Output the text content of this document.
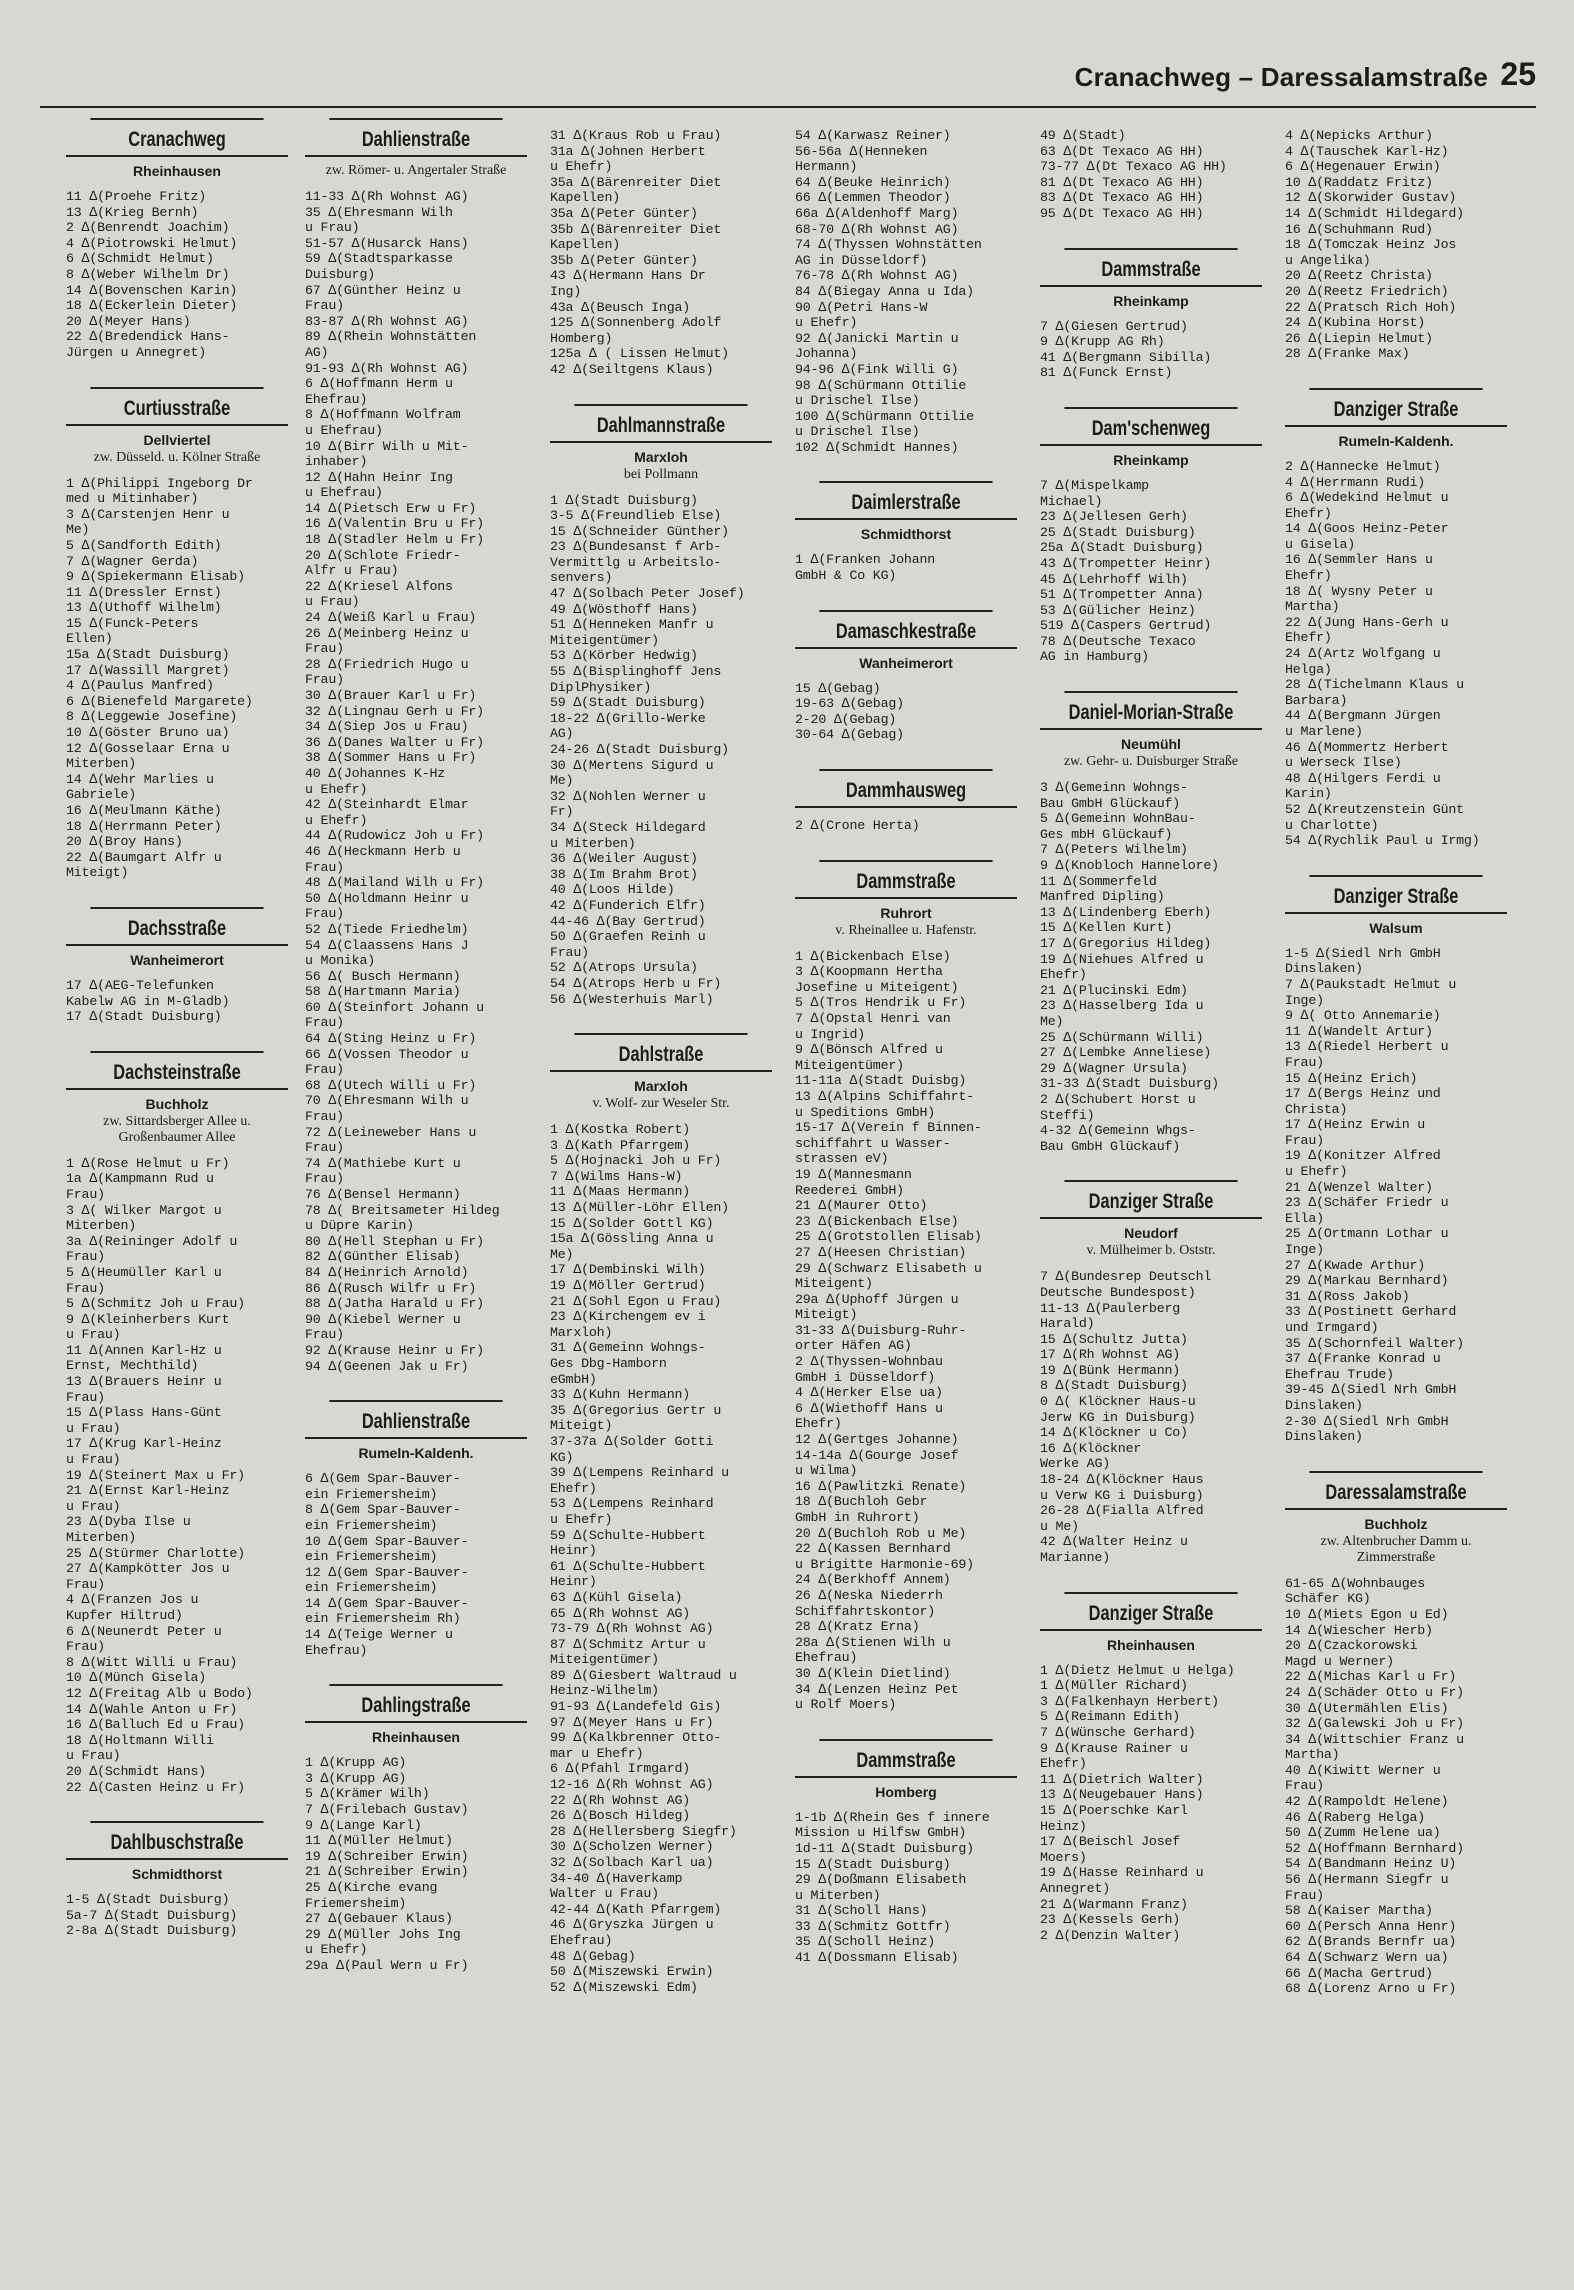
Cranachweg – Daressalamstraße 25
Cranachweg
Rheinhausen
11 ∆(Proehe Fritz)
13 ∆(Krieg Bernh)
2 ∆(Benrendt Joachim)
4 ∆(Piotrowski Helmut)
6 ∆(Schmidt Helmut)
8 ∆(Weber Wilhelm Dr)
14 ∆(Bovenschen Karin)
18 ∆(Eckerlein Dieter)
20 ∆(Meyer Hans)
22 ∆(Bredendick Hans-
Jürgen u Annegret)
Curtiusstraße
Dellviertel
zw. Düsseld. u. Kölner Straße
1 ∆(Philippi Ingeborg Dr
med u Mitinhaber)
3 ∆(Carstenjen Henr u
Me)
5 ∆(Sandforth Edith)
7 ∆(Wagner Gerda)
9 ∆(Spiekermann Elisab)
11 ∆(Dressler Ernst)
13 ∆(Uthoff Wilhelm)
15 ∆(Funck-Peters
Ellen)
15a ∆(Stadt Duisburg)
17 ∆(Wassill Margret)
4 ∆(Paulus Manfred)
6 ∆(Bienefeld Margarete)
8 ∆(Leggewie Josefine)
10 ∆(Göster Bruno ua)
12 ∆(Gosselaar Erna u
Miterben)
14 ∆(Wehr Marlies u
Gabriele)
16 ∆(Meulmann Käthe)
18 ∆(Herrmann Peter)
20 ∆(Broy Hans)
22 ∆(Baumgart Alfr u
Miteigt)
Dachsstraße
Wanheimerort
17 ∆(AEG-Telefunken
Kabelw AG in M-Gladb)
17 ∆(Stadt Duisburg)
Dachsteinstraße
Buchholz
zw. Sittardsberger Allee u. Großenbaumer Allee
1 ∆(Rose Helmut u Fr)
1a ∆(Kampmann Rud u
Frau)
3 ∆( Wilker Margot u
Miterben)
3a ∆(Reininger Adolf u
Frau)
5 ∆(Heumüller Karl u
Frau)
5 ∆(Schmitz Joh u Frau)
9 ∆(Kleinherbers Kurt
u Frau)
11 ∆(Annen Karl-Hz u
Ernst, Mechthild)
13 ∆(Brauers Heinr u
Frau)
15 ∆(Plass Hans-Günt
u Frau)
17 ∆(Krug Karl-Heinz
u Frau)
19 ∆(Steinert Max u Fr)
21 ∆(Ernst Karl-Heinz
u Frau)
23 ∆(Dyba Ilse u
Miterben)
25 ∆(Stürmer Charlotte)
27 ∆(Kampkötter Jos u
Frau)
4 ∆(Franzen Jos u
Kupfer Hiltrud)
6 ∆(Neunerdt Peter u
Frau)
8 ∆(Witt Willi u Frau)
10 ∆(Münch Gisela)
12 ∆(Freitag Alb u Bodo)
14 ∆(Wahle Anton u Fr)
16 ∆(Balluch Ed u Frau)
18 ∆(Holtmann Willi
u Frau)
20 ∆(Schmidt Hans)
22 ∆(Casten Heinz u Fr)
Dahlbuschstraße
Schmidthorst
1-5 ∆(Stadt Duisburg)
5a-7 ∆(Stadt Duisburg)
2-8a ∆(Stadt Duisburg)
Dahlienstraße
zw. Römer- u. Angertaler Straße
11-33 ∆(Rh Wohnst AG)
35 ∆(Ehresmann Wilh
u Frau)
51-57 ∆(Husarck Hans)
59 ∆(Stadtsparkasse
Duisburg)
67 ∆(Günther Heinz u
Frau)
83-87 ∆(Rh Wohnst AG)
89 ∆(Rhein Wohnstätten
AG)
91-93 ∆(Rh Wohnst AG)
6 ∆(Hoffmann Herm u
Ehefrau)
8 ∆(Hoffmann Wolfram
u Ehefrau)
10 ∆(Birr Wilh u Mit-
inhaber)
12 ∆(Hahn Heinr Ing
u Ehefrau)
14 ∆(Pietsch Erw u Fr)
16 ∆(Valentin Bru u Fr)
18 ∆(Stadler Helm u Fr)
20 ∆(Schlote Friedr-
Alfr u Frau)
22 ∆(Kriesel Alfons
u Frau)
24 ∆(Weiß Karl u Frau)
26 ∆(Meinberg Heinz u
Frau)
28 ∆(Friedrich Hugo u
Frau)
30 ∆(Brauer Karl u Fr)
32 ∆(Lingnau Gerh u Fr)
34 ∆(Siep Jos u Frau)
36 ∆(Danes Walter u Fr)
38 ∆(Sommer Hans u Fr)
40 ∆(Johannes K-Hz
u Ehefr)
42 ∆(Steinhardt Elmar
u Ehefr)
44 ∆(Rudowicz Joh u Fr)
46 ∆(Heckmann Herb u
Frau)
48 ∆(Mailand Wilh u Fr)
50 ∆(Holdmann Heinr u
Frau)
52 ∆(Tiede Friedhelm)
54 ∆(Claassens Hans J
u Monika)
56 ∆( Busch Hermann)
58 ∆(Hartmann Maria)
60 ∆(Steinfort Johann u
Frau)
64 ∆(Sting Heinz u Fr)
66 ∆(Vossen Theodor u
Frau)
68 ∆(Utech Willi u Fr)
70 ∆(Ehresmann Wilh u
Frau)
72 ∆(Leineweber Hans u
Frau)
74 ∆(Mathiebe Kurt u
Frau)
76 ∆(Bensel Hermann)
78 ∆( Breitsameter Hildeg
u Düpre Karin)
80 ∆(Hell Stephan u Fr)
82 ∆(Günther Elisab)
84 ∆(Heinrich Arnold)
86 ∆(Rusch Wilfr u Fr)
88 ∆(Jatha Harald u Fr)
90 ∆(Kiebel Werner u
Frau)
92 ∆(Krause Heinr u Fr)
94 ∆(Geenen Jak u Fr)
Dahlienstraße
Rumeln-Kaldenh.
6 ∆(Gem Spar-Bauver-
ein Friemersheim)
8 ∆(Gem Spar-Bauver-
ein Friemersheim)
10 ∆(Gem Spar-Bauver-
ein Friemersheim)
12 ∆(Gem Spar-Bauver-
ein Friemersheim)
14 ∆(Gem Spar-Bauver-
ein Friemersheim Rh)
14 ∆(Teige Werner u
Ehefrau)
Dahlingstraße
Rheinhausen
1 ∆(Krupp AG)
3 ∆(Krupp AG)
5 ∆(Krämer Wilh)
7 ∆(Frilebach Gustav)
9 ∆(Lange Karl)
11 ∆(Müller Helmut)
19 ∆(Schreiber Erwin)
21 ∆(Schreiber Erwin)
25 ∆(Kirche evang
Friemersheim)
27 ∆(Gebauer Klaus)
29 ∆(Müller Johs Ing
u Ehefr)
29a ∆(Paul Wern u Fr)
31 ∆(Kraus Rob u Frau)
31a ∆(Johnen Herbert
u Ehefr)
35a ∆(Bärenreiter Diet
Kapellen)
35a ∆(Peter Günter)
35b ∆(Bärenreiter Diet
Kapellen)
35b ∆(Peter Günter)
43 ∆(Hermann Hans Dr
Ing)
43a ∆(Beusch Inga)
125 ∆(Sonnenberg Adolf
Homberg)
125a ∆ ( Lissen Helmut)
42 ∆(Seiltgens Klaus)
Dahlmannstraße
Marxloh
bei Pollmann
1 ∆(Stadt Duisburg)
3-5 ∆(Freundlieb Else)
15 ∆(Schneider Günther)
23 ∆(Bundesanst f Arb-
Vermittlg u Arbeitslo-
senvers)
47 ∆(Solbach Peter Josef)
49 ∆(Wösthoff Hans)
51 ∆(Henneken Manfr u
Miteigentümer)
53 ∆(Körber Hedwig)
55 ∆(Bisplinghoff Jens
DiplPhysiker)
59 ∆(Stadt Duisburg)
18-22 ∆(Grillo-Werke
AG)
24-26 ∆(Stadt Duisburg)
30 ∆(Mertens Sigurd u
Me)
32 ∆(Nohlen Werner u
Fr)
34 ∆(Steck Hildegard
u Miterben)
36 ∆(Weiler August)
38 ∆(Im Brahm Brot)
40 ∆(Loos Hilde)
42 ∆(Funderich Elfr)
44-46 ∆(Bay Gertrud)
50 ∆(Graefen Reinh u
Frau)
52 ∆(Atrops Ursula)
54 ∆(Atrops Herb u Fr)
56 ∆(Westerhuis Marl)
Dahlstraße
Marxloh
v. Wolf- zur Weseler Str.
1 ∆(Kostka Robert)
3 ∆(Kath Pfarrgem)
5 ∆(Hojnacki Joh u Fr)
7 ∆(Wilms Hans-W)
11 ∆(Maas Hermann)
13 ∆(Müller-Löhr Ellen)
15 ∆(Solder Gottl KG)
15a ∆(Gössling Anna u
Me)
17 ∆(Dembinski Wilh)
19 ∆(Möller Gertrud)
21 ∆(Sohl Egon u Frau)
23 ∆(Kirchengem ev i
Marxloh)
31 ∆(Gemeinn Wohngs-
Ges Dbg-Hamborn
eGmbH)
33 ∆(Kuhn Hermann)
35 ∆(Gregorius Gertr u
Miteigt)
37-37a ∆(Solder Gotti
KG)
39 ∆(Lempens Reinhard u
Ehefr)
53 ∆(Lempens Reinhard
u Ehefr)
59 ∆(Schulte-Hubbert
Heinr)
61 ∆(Schulte-Hubbert
Heinr)
63 ∆(Kühl Gisela)
65 ∆(Rh Wohnst AG)
73-79 ∆(Rh Wohnst AG)
87 ∆(Schmitz Artur u
Miteigentümer)
89 ∆(Giesbert Waltraud u
Heinz-Wilhelm)
91-93 ∆(Landefeld Gis)
97 ∆(Meyer Hans u Fr)
99 ∆(Kalkbrenner Otto-
mar u Ehefr)
6 ∆(Pfahl Irmgard)
12-16 ∆(Rh Wohnst AG)
22 ∆(Rh Wohnst AG)
26 ∆(Bosch Hildeg)
28 ∆(Hellersberg Siegfr)
30 ∆(Scholzen Werner)
32 ∆(Solbach Karl ua)
34-40 ∆(Haverkamp
Walter u Frau)
42-44 ∆(Kath Pfarrgem)
46 ∆(Gryszka Jürgen u
Ehefrau)
48 ∆(Gebag)
50 ∆(Miszewski Erwin)
52 ∆(Miszewski Edm)
54 ∆(Karwasz Reiner)
56-56a ∆(Henneken
Hermann)
64 ∆(Beuke Heinrich)
66 ∆(Lemmen Theodor)
66a ∆(Aldenhoff Marg)
68-70 ∆(Rh Wohnst AG)
74 ∆(Thyssen Wohnstätten
AG in Düsseldorf)
76-78 ∆(Rh Wohnst AG)
84 ∆(Biegay Anna u Ida)
90 ∆(Petri Hans-W
u Ehefr)
92 ∆(Janicki Martin u
Johanna)
94-96 ∆(Fink Willi G)
98 ∆(Schürmann Ottilie
u Drischel Ilse)
100 ∆(Schürmann Ottilie
u Drischel Ilse)
102 ∆(Schmidt Hannes)
Daimlerstraße
Schmidthorst
1 ∆(Franken Johann
GmbH & Co KG)
Damaschkestraße
Wanheimerort
15 ∆(Gebag)
19-63 ∆(Gebag)
2-20 ∆(Gebag)
30-64 ∆(Gebag)
Dammhausweg
2 ∆(Crone Herta)
Dammstraße
Ruhrort
v. Rheinallee u. Hafenstr.
1 ∆(Bickenbach Else)
3 ∆(Koopmann Hertha
Josefine u Miteigent)
5 ∆(Tros Hendrik u Fr)
7 ∆(Opstal Henri van
u Ingrid)
9 ∆(Bönsch Alfred u
Miteigentümer)
11-11a ∆(Stadt Duisbg)
13 ∆(Alpins Schiffahrt-
u Speditions GmbH)
15-17 ∆(Verein f Binnen-
schiffahrt u Wasser-
strassen eV)
19 ∆(Mannesmann
Reederei GmbH)
21 ∆(Maurer Otto)
23 ∆(Bickenbach Else)
25 ∆(Grotstollen Elisab)
27 ∆(Heesen Christian)
29 ∆(Schwarz Elisabeth u
Miteigent)
29a ∆(Uphoff Jürgen u
Miteigt)
31-33 ∆(Duisburg-Ruhr-
orter Häfen AG)
2 ∆(Thyssen-Wohnbau
GmbH i Düsseldorf)
4 ∆(Herker Else ua)
6 ∆(Wiethoff Hans u
Ehefr)
12 ∆(Gertges Johanne)
14-14a ∆(Gourge Josef
u Wilma)
16 ∆(Pawlitzki Renate)
18 ∆(Buchloh Gebr
GmbH in Ruhrort)
20 ∆(Buchloh Rob u Me)
22 ∆(Kassen Bernhard
u Brigitte Harmonie-69)
24 ∆(Berkhoff Annem)
26 ∆(Neska Niederrh
Schiffahrtskontor)
28 ∆(Kratz Erna)
28a ∆(Stienen Wilh u
Ehefrau)
30 ∆(Klein Dietlind)
34 ∆(Lenzen Heinz Pet
u Rolf Moers)
Dammstraße
Homberg
1-1b ∆(Rhein Ges f innere
Mission u Hilfsw GmbH)
1d-11 ∆(Stadt Duisburg)
15 ∆(Stadt Duisburg)
29 ∆(Doßmann Elisabeth
u Miterben)
31 ∆(Scholl Hans)
33 ∆(Schmitz Gottfr)
35 ∆(Scholl Heinz)
41 ∆(Dossmann Elisab)
49 ∆(Stadt)
63 ∆(Dt Texaco AG HH)
73-77 ∆(Dt Texaco AG HH)
81 ∆(Dt Texaco AG HH)
83 ∆(Dt Texaco AG HH)
95 ∆(Dt Texaco AG HH)
Dammstraße
Rheinkamp
7 ∆(Giesen Gertrud)
9 ∆(Krupp AG Rh)
41 ∆(Bergmann Sibilla)
81 ∆(Funck Ernst)
Dam'schenweg
Rheinkamp
7 ∆(Mispelkamp
Michael)
23 ∆(Jellesen Gerh)
25 ∆(Stadt Duisburg)
25a ∆(Stadt Duisburg)
43 ∆(Trompetter Heinr)
45 ∆(Lehrhoff Wilh)
51 ∆(Trompetter Anna)
53 ∆(Gülicher Heinz)
519 ∆(Caspers Gertrud)
78 ∆(Deutsche Texaco
AG in Hamburg)
Daniel-Morian-Straße
Neumühl
zw. Gehr- u. Duisburger Straße
3 ∆(Gemeinn Wohngs-
Bau GmbH Glückauf)
5 ∆(Gemeinn WohnBau-
Ges mbH Glückauf)
7 ∆(Peters Wilhelm)
9 ∆(Knobloch Hannelore)
11 ∆(Sommerfeld
Manfred Dipling)
13 ∆(Lindenberg Eberh)
15 ∆(Kellen Kurt)
17 ∆(Gregorius Hildeg)
19 ∆(Niehues Alfred u
Ehefr)
21 ∆(Plucinski Edm)
23 ∆(Hasselberg Ida u
Me)
25 ∆(Schürmann Willi)
27 ∆(Lembke Anneliese)
29 ∆(Wagner Ursula)
31-33 ∆(Stadt Duisburg)
2 ∆(Schubert Horst u
Steffi)
4-32 ∆(Gemeinn Whgs-
Bau GmbH Glückauf)
Danziger Straße
Neudorf
v. Mülheimer b. Oststr.
7 ∆(Bundesrep Deutschl
Deutsche Bundespost)
11-13 ∆(Paulerberg
Harald)
15 ∆(Schultz Jutta)
17 ∆(Rh Wohnst AG)
19 ∆(Bünk Hermann)
8 ∆(Stadt Duisburg)
0 ∆( Klöckner Haus-u
Jerw KG in Duisburg)
14 ∆(Klöckner u Co)
16 ∆(Klöckner
Werke AG)
18-24 ∆(Klöckner Haus
u Verw KG i Duisburg)
26-28 ∆(Fialla Alfred
u Me)
42 ∆(Walter Heinz u
Marianne)
Danziger Straße
Rheinhausen
1 ∆(Dietz Helmut u Helga)
1 ∆(Müller Richard)
3 ∆(Falkenhayn Herbert)
5 ∆(Reimann Edith)
7 ∆(Wünsche Gerhard)
9 ∆(Krause Rainer u
Ehefr)
11 ∆(Dietrich Walter)
13 ∆(Neugebauer Hans)
15 ∆(Poerschke Karl
Heinz)
17 ∆(Beischl Josef
Moers)
19 ∆(Hasse Reinhard u
Annegret)
21 ∆(Warmann Franz)
23 ∆(Kessels Gerh)
2 ∆(Denzin Walter)
4 ∆(Nepicks Arthur)
4 ∆(Tauschek Karl-Hz)
6 ∆(Hegenauer Erwin)
10 ∆(Raddatz Fritz)
12 ∆(Skorwider Gustav)
14 ∆(Schmidt Hildegard)
16 ∆(Schuhmann Rud)
18 ∆(Tomczak Heinz Jos
u Angelika)
20 ∆(Reetz Christa)
20 ∆(Reetz Friedrich)
22 ∆(Pratsch Rich Hoh)
24 ∆(Kubina Horst)
26 ∆(Liepin Helmut)
28 ∆(Franke Max)
Danziger Straße
Rumeln-Kaldenh.
2 ∆(Hannecke Helmut)
4 ∆(Herrmann Rudi)
6 ∆(Wedekind Helmut u
Ehefr)
14 ∆(Goos Heinz-Peter
u Gisela)
16 ∆(Semmler Hans u
Ehefr)
18 ∆( Wysny Peter u
Martha)
22 ∆(Jung Hans-Gerh u
Ehefr)
24 ∆(Artz Wolfgang u
Helga)
28 ∆(Tichelmann Klaus u
Barbara)
44 ∆(Bergmann Jürgen
u Marlene)
46 ∆(Mommertz Herbert
u Werseck Ilse)
48 ∆(Hilgers Ferdi u
Karin)
52 ∆(Kreutzenstein Günt
u Charlotte)
54 ∆(Rychlik Paul u Irmg)
Danziger Straße
Walsum
1-5 ∆(Siedl Nrh GmbH
Dinslaken)
7 ∆(Paukstadt Helmut u
Inge)
9 ∆( Otto Annemarie)
11 ∆(Wandelt Artur)
13 ∆(Riedel Herbert u
Frau)
15 ∆(Heinz Erich)
17 ∆(Bergs Heinz und
Christa)
17 ∆(Heinz Erwin u
Frau)
19 ∆(Konitzer Alfred
u Ehefr)
21 ∆(Wenzel Walter)
23 ∆(Schäfer Friedr u
Ella)
25 ∆(Ortmann Lothar u
Inge)
27 ∆(Kwade Arthur)
29 ∆(Markau Bernhard)
31 ∆(Ross Jakob)
33 ∆(Postinett Gerhard
und Irmgard)
35 ∆(Schornfeil Walter)
37 ∆(Franke Konrad u
Ehefrau Trude)
39-45 ∆(Siedl Nrh GmbH
Dinslaken)
2-30 ∆(Siedl Nrh GmbH
Dinslaken)
Daressalamstraße
Buchholz
zw. Altenbrucher Damm u. Zimmerstraße
61-65 ∆(Wohnbauges
Schäfer KG)
10 ∆(Miets Egon u Ed)
14 ∆(Wiescher Herb)
20 ∆(Czackorowski
Magd u Werner)
22 ∆(Michas Karl u Fr)
24 ∆(Schäder Otto u Fr)
30 ∆(Utermählen Elis)
32 ∆(Galewski Joh u Fr)
34 ∆(Wittschier Franz u
Martha)
40 ∆(Kiwitt Werner u
Frau)
42 ∆(Rampoldt Helene)
46 ∆(Raberg Helga)
50 ∆(Zumm Helene ua)
52 ∆(Hoffmann Bernhard)
54 ∆(Bandmann Heinz U)
56 ∆(Hermann Siegfr u
Frau)
58 ∆(Kaiser Martha)
60 ∆(Persch Anna Henr)
62 ∆(Brands Bernfr ua)
64 ∆(Schwarz Wern ua)
66 ∆(Macha Gertrud)
68 ∆(Lorenz Arno u Fr)
